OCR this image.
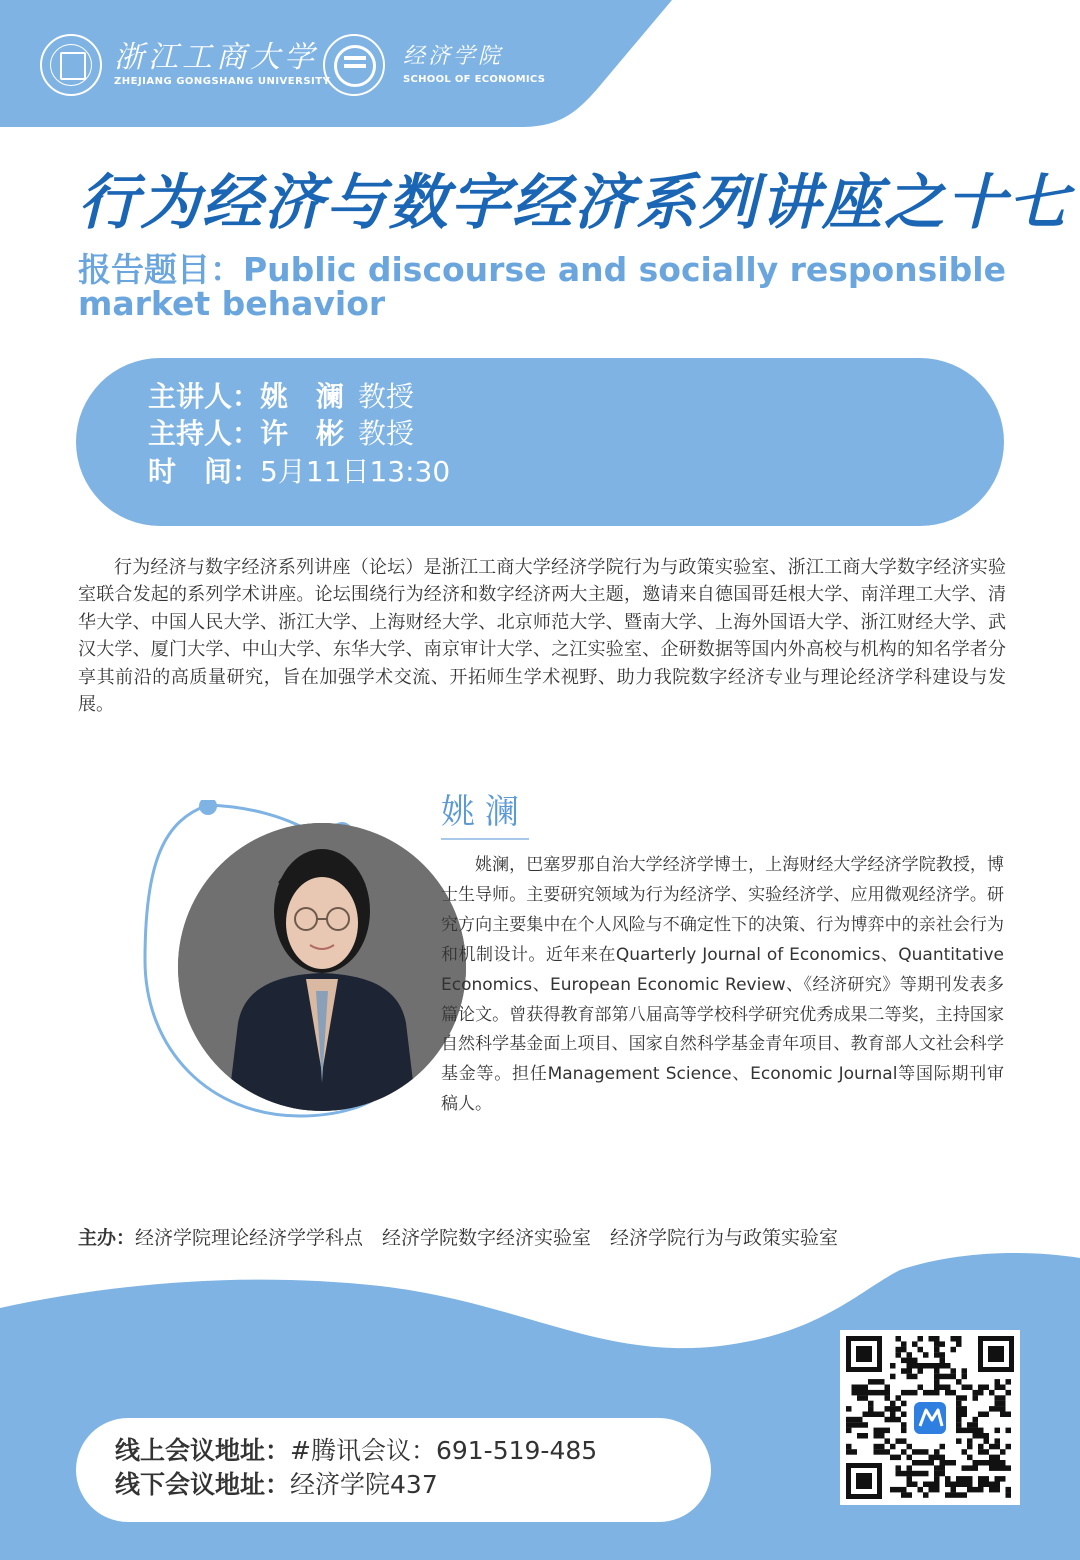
浙江工商大学
ZHEJIANG GONGSHANG UNIVERSITY
经济学院
SCHOOL OF ECONOMICS
行为经济与数字经济系列讲座之十七
报告题目：Public discourse and socially responsible
market behavior
主讲人：姚　澜 教授
主持人：许　彬 教授
时　间：5月11日13:30
行为经济与数字经济系列讲座（论坛）是浙江工商大学经济学院行为与政策实验室、浙江工商大学数字经济实验室联合发起的系列学术讲座。论坛围绕行为经济和数字经济两大主题，邀请来自德国哥廷根大学、南洋理工大学、清华大学、中国人民大学、浙江大学、上海财经大学、北京师范大学、暨南大学、上海外国语大学、浙江财经大学、武汉大学、厦门大学、中山大学、东华大学、南京审计大学、之江实验室、企研数据等国内外高校与机构的知名学者分享其前沿的高质量研究，旨在加强学术交流、开拓师生学术视野、助力我院数字经济专业与理论经济学科建设与发展。
姚澜
姚澜，巴塞罗那自治大学经济学博士，上海财经大学经济学院教授，博士生导师。主要研究领域为行为经济学、实验经济学、应用微观经济学。研究方向主要集中在个人风险与不确定性下的决策、行为博弈中的亲社会行为和机制设计。近年来在Quarterly Journal of Economics、Quantitative Economics、European Economic Review、《经济研究》等期刊发表多篇论文。曾获得教育部第八届高等学校科学研究优秀成果二等奖，主持国家自然科学基金面上项目、国家自然科学基金青年项目、教育部人文社会科学基金等。担任Management Science、Economic Journal等国际期刊审稿人。
主办：经济学院理论经济学学科点　经济学院数字经济实验室　经济学院行为与政策实验室
线上会议地址：#腾讯会议：691-519-485
线下会议地址：经济学院437
